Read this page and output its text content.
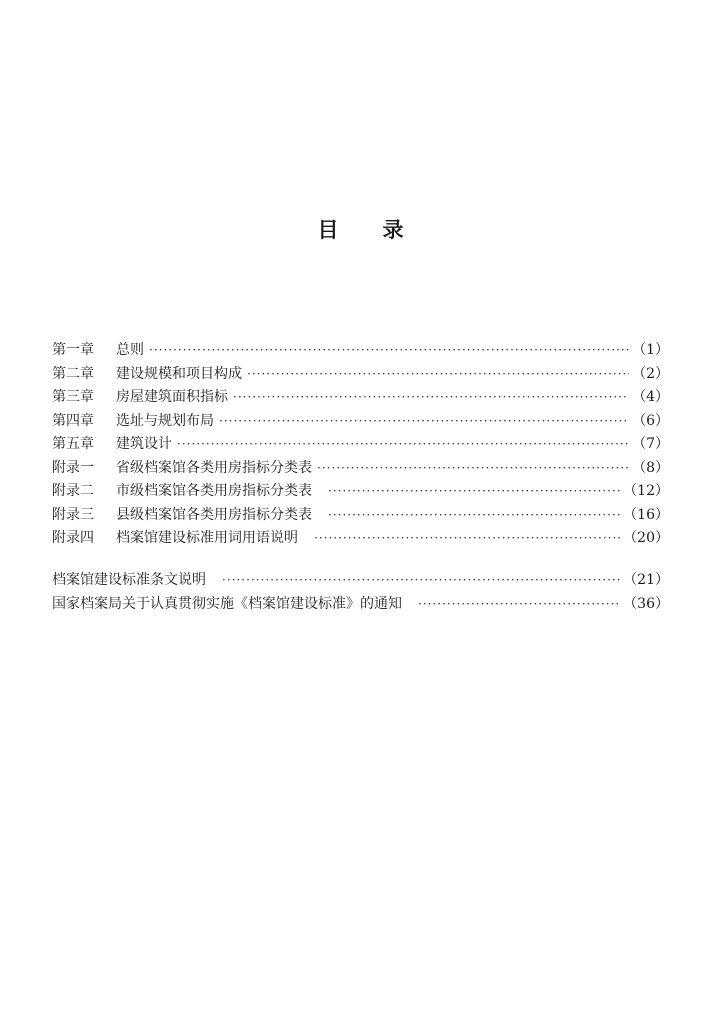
目 录
第一章	总则 ·····	（1）
第二章	建设规模和项目构成 ·····	（2）
第三章	房屋建筑面积指标 ·····	（4）
第四章	选址与规划布局 ·····	（6）
第五章	建筑设计 ·····	（7）
附录一	省级档案馆各类用房指标分类表 ·····	（8）
附录二	市级档案馆各类用房指标分类表 ·····	（12）
附录三	县级档案馆各类用房指标分类表 ·····	（16）
附录四	档案馆建设标准用词用语说明 ·····	（20）
档案馆建设标准条文说明 ·····	（21）
国家档案局关于认真贯彻实施《档案馆建设标准》的通知 ·····	（36）
